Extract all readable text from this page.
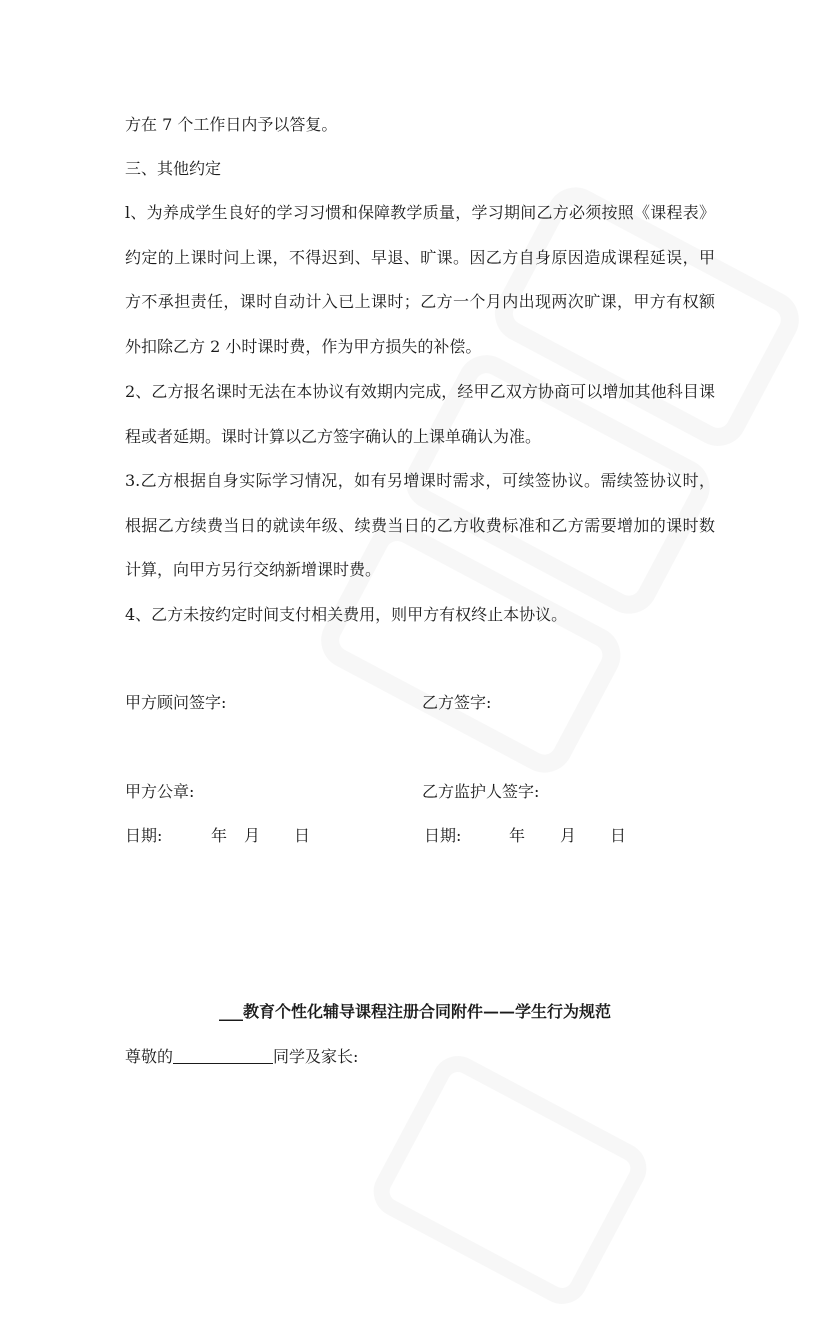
方在 7 个工作日内予以答复。

三、其他约定

l、为养成学生良好的学习习惯和保障教学质量，学习期间乙方必须按照《课程表》约定的上课时问上课，不得迟到、早退、旷课。因乙方自身原因造成课程延误，甲方不承担责任，课时自动计入已上课时；乙方一个月内出现两次旷课，甲方有权额外扣除乙方 2 小时课时费，作为甲方损失的补偿。

2、乙方报名课时无法在本协议有效期内完成，经甲乙双方协商可以增加其他科目课程或者延期。课时计算以乙方签字确认的上课单确认为准。

3.乙方根据自身实际学习情况，如有另增课时需求，可续签协议。需续签协议时，根据乙方续费当日的就读年级、续费当日的乙方收费标准和乙方需要增加的课时数计算，向甲方另行交纳新增课时费。

4、乙方未按约定时间支付相关费用，则甲方有权终止本协议。

甲方顾问签字:	乙方签字:
甲方公章:	乙方监护人签字:
日期:	年 月 日	日期:	年 月 日
___教育个性化辅导课程注册合同附件——学生行为规范
尊敬的	同学及家长:
